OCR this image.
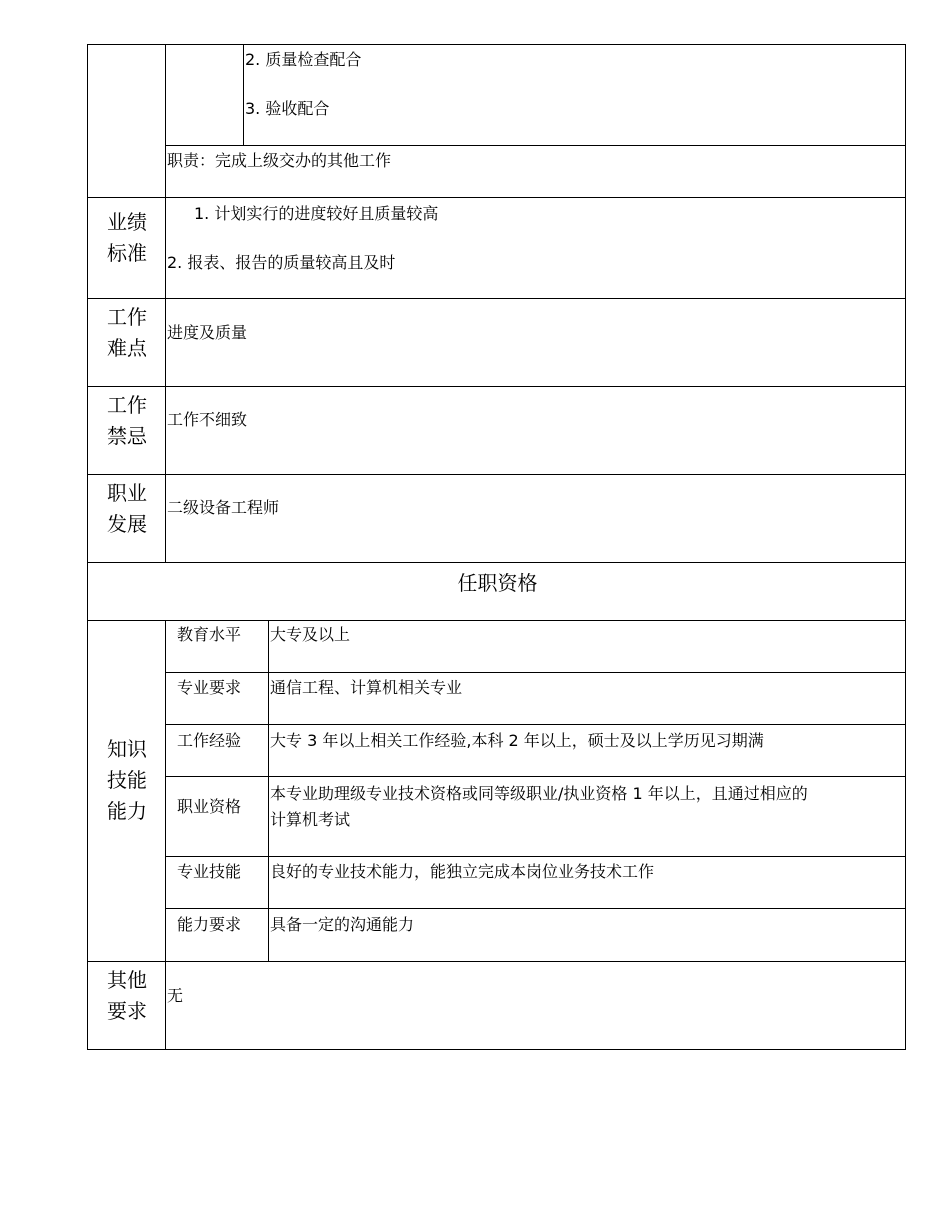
2. 质量检查配合
3. 验收配合
职责：完成上级交办的其他工作
业绩
标准
1. 计划实行的进度较好且质量较高
2. 报表、报告的质量较高且及时
工作
难点
进度及质量
工作
禁忌
工作不细致
职业
发展
二级设备工程师
任职资格
知识
技能
能力
教育水平 大专及以上
专业要求 通信工程、计算机相关专业
工作经验 大专 3 年以上相关工作经验,本科 2 年以上，硕士及以上学历见习期满
职业资格
本专业助理级专业技术资格或同等级职业/执业资格 1 年以上，且通过相应的
计算机考试
专业技能 良好的专业技术能力，能独立完成本岗位业务技术工作
能力要求 具备一定的沟通能力
其他
要求
无
